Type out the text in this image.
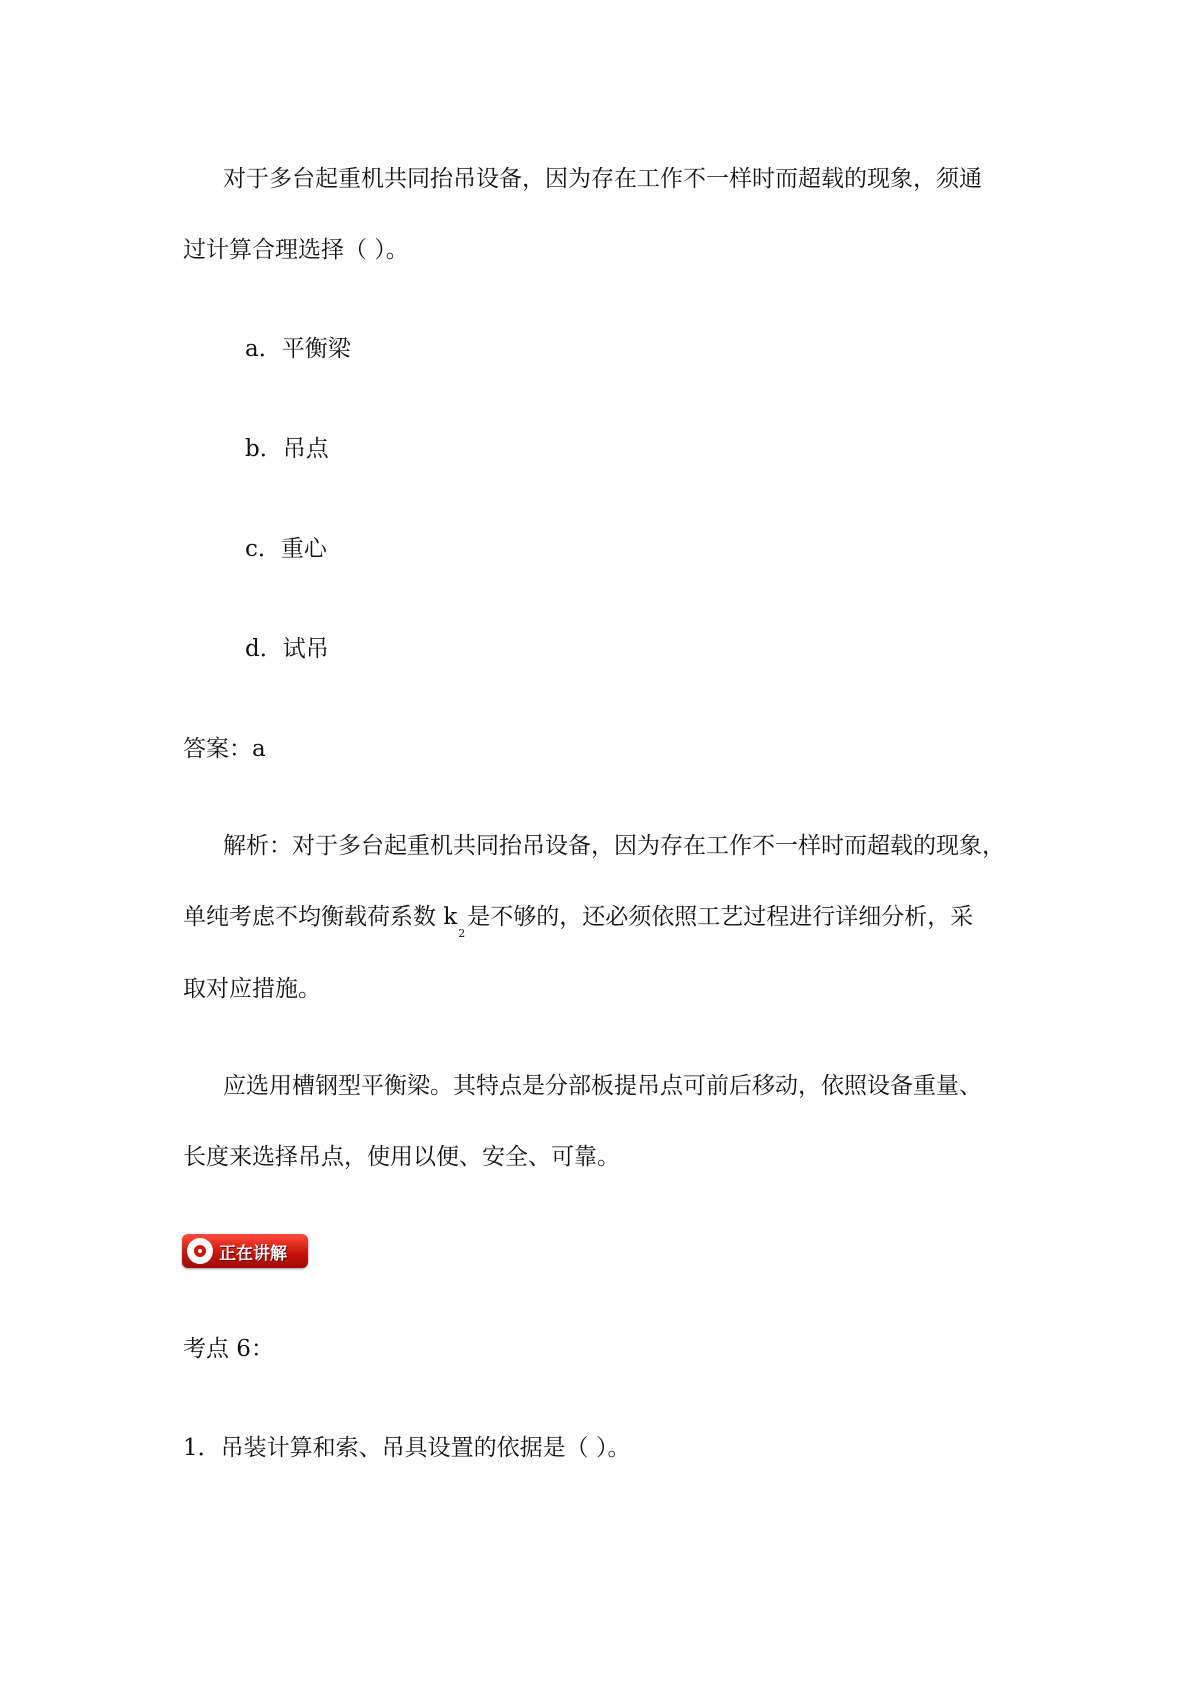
对于多台起重机共同抬吊设备，因为存在工作不一样时而超载的现象，须通
过计算合理选择（ ）。
a．平衡梁
b．吊点
c．重心
d．试吊
答案：a
解析：对于多台起重机共同抬吊设备，因为存在工作不一样时而超载的现象，
单纯考虑不均衡载荷系数 $k_2$是不够的，还必须依照工艺过程进行详细分析，采
取对应措施。
应选用槽钢型平衡梁。其特点是分部板提吊点可前后移动，依照设备重量、
长度来选择吊点，使用以便、安全、可靠。
正在讲解
考点 6：
1．吊装计算和索、吊具设置的依据是（ ）。
